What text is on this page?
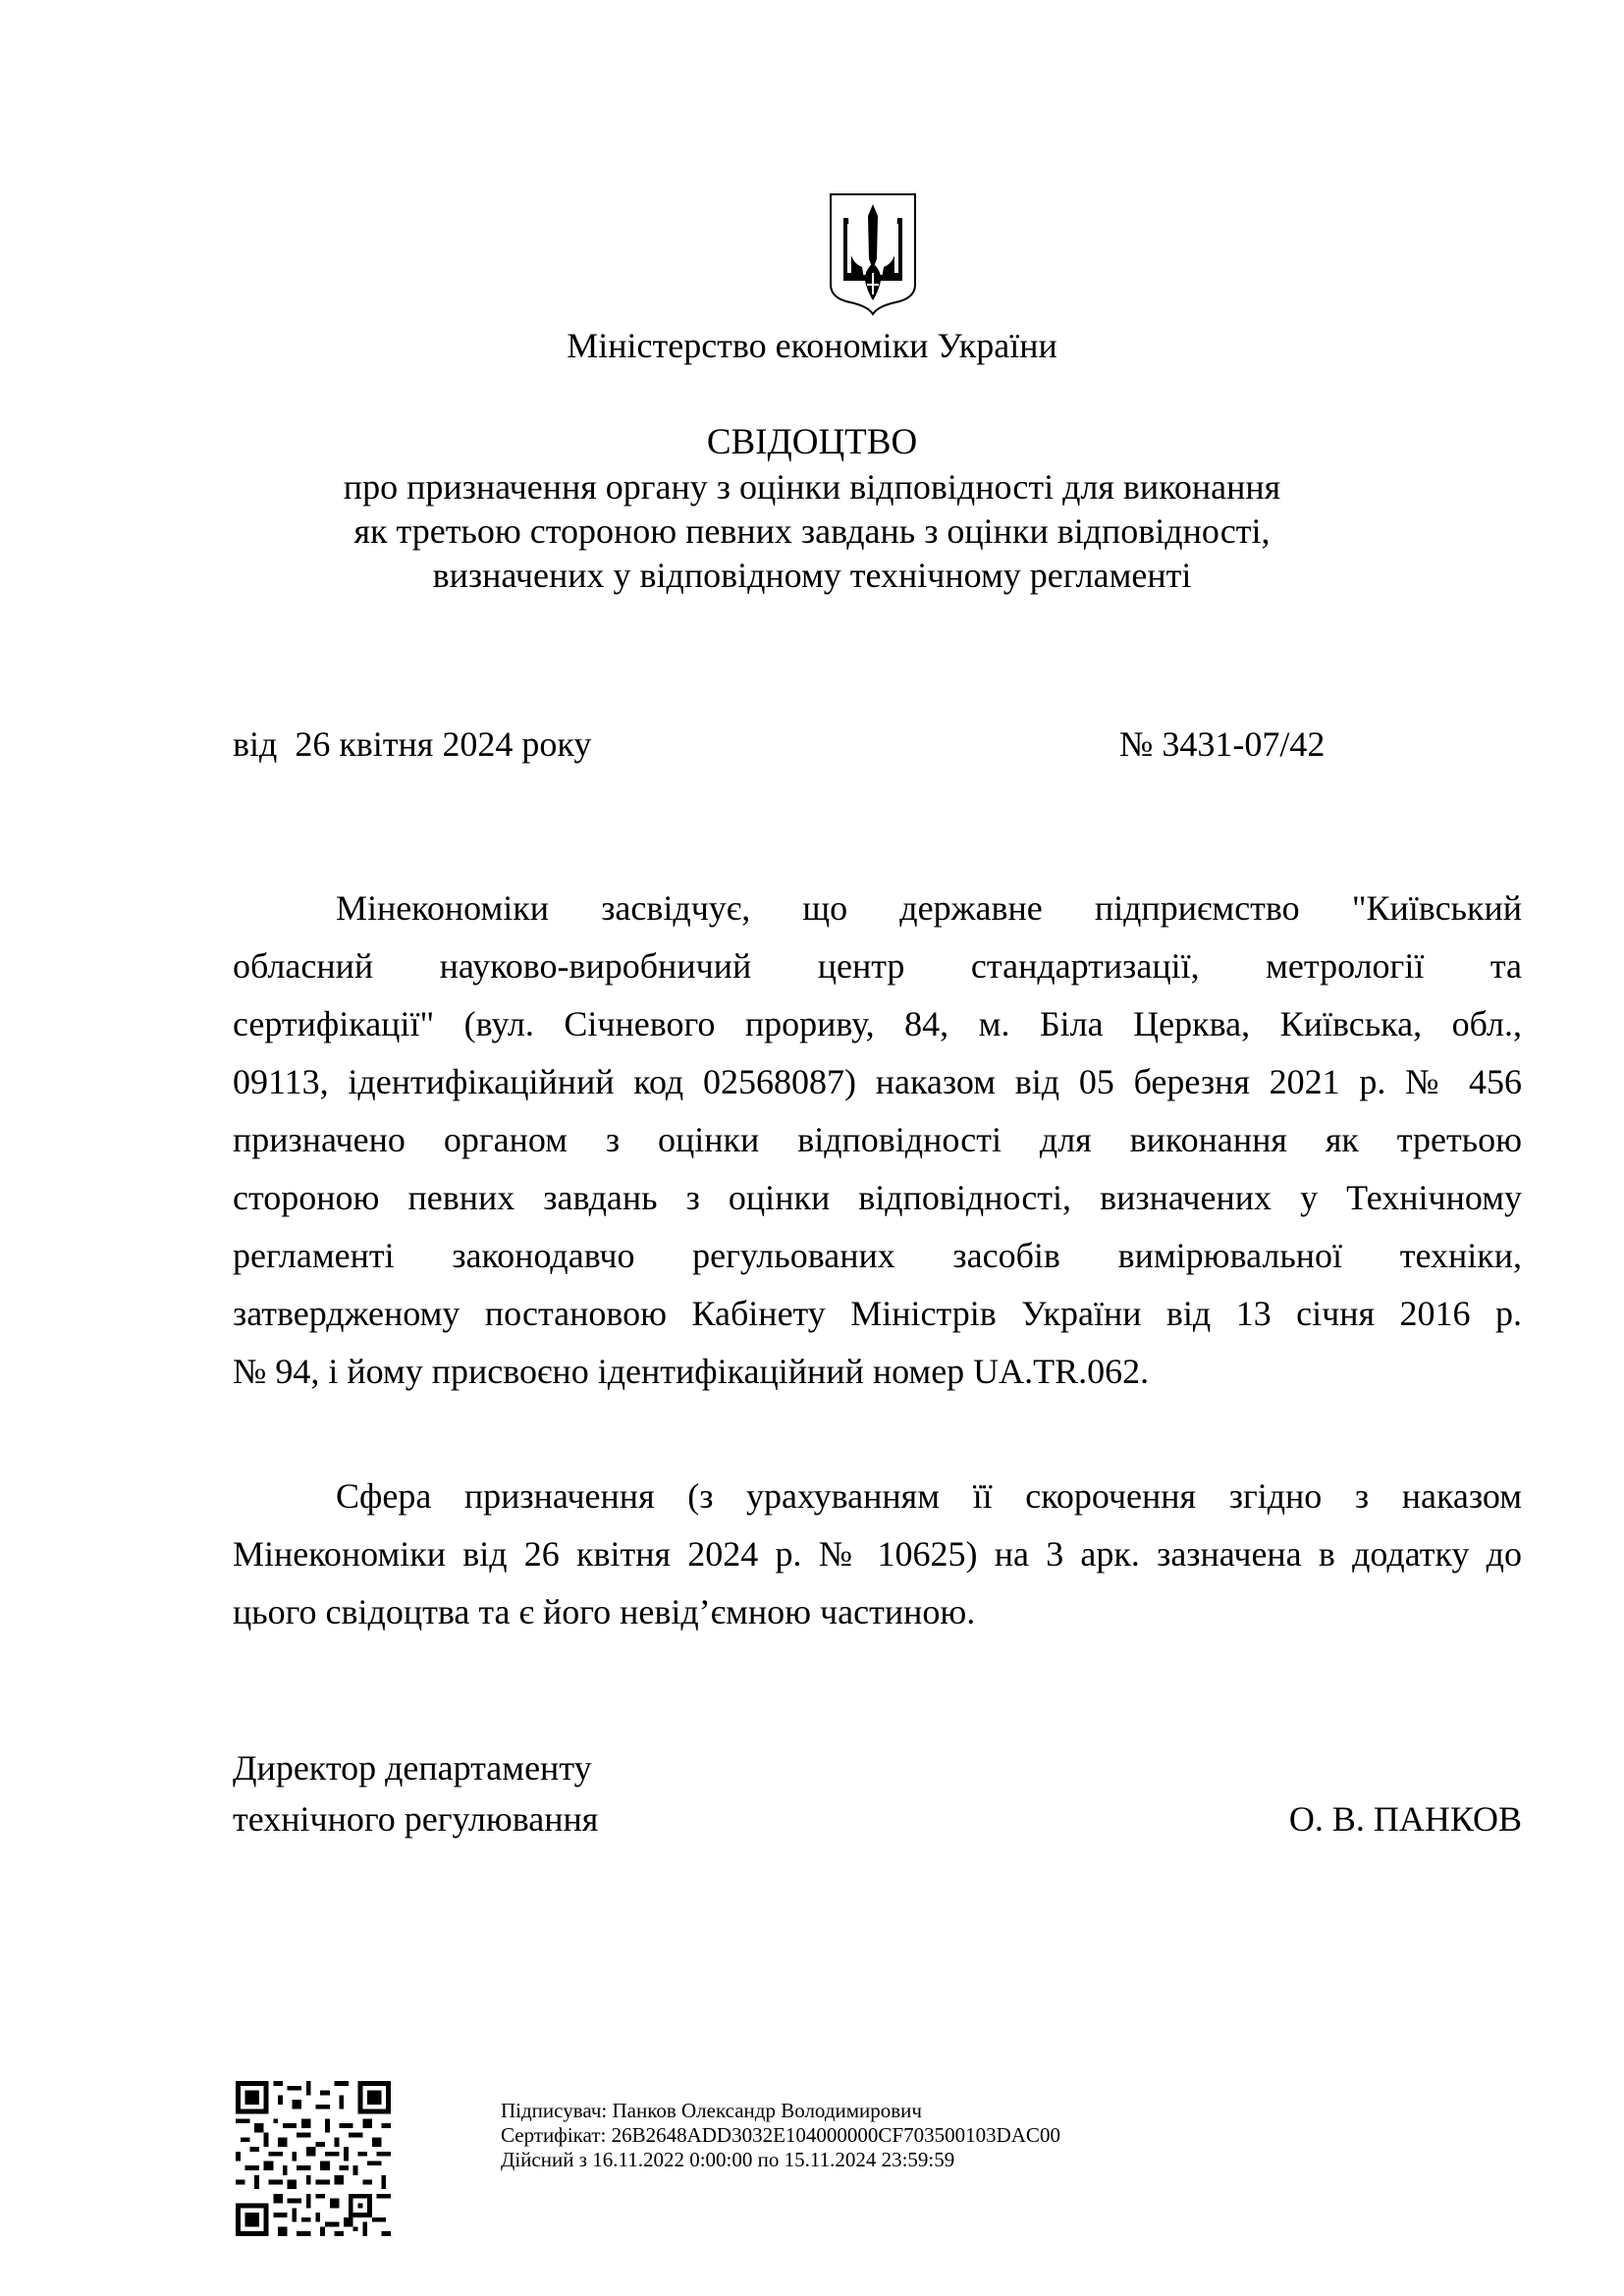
Міністерство економіки України
СВІДОЦТВО
про призначення органу з оцінки відповідності для виконання
як третьою стороною певних завдань з оцінки відповідності,
визначених у відповідному технічному регламенті
від  26 квітня 2024 року	№ 3431-07/42
Мінекономіки засвідчує, що державне підприємство "Київський
обласний науково-виробничий центр стандартизації, метрології та
сертифікації" (вул. Січневого прориву, 84, м. Біла Церква, Київська, обл.,
09113, ідентифікаційний код 02568087) наказом від 05 березня 2021 р. № 456
призначено органом з оцінки відповідності для виконання як третьою
стороною певних завдань з оцінки відповідності, визначених у Технічному
регламенті законодавчо регульованих засобів вимірювальної техніки,
затвердженому постановою Кабінету Міністрів України від 13 січня 2016 р.
№ 94, і йому присвоєно ідентифікаційний номер UA.TR.062.
Сфера призначення (з урахуванням її скорочення згідно з наказом
Мінекономіки від 26 квітня 2024 р. № 10625) на 3 арк. зазначена в додатку до
цього свідоцтва та є його невід’ємною частиною.
Директор департаменту
технічного регулювання	О. В. ПАНКОВ
Підписувач: Панков Олександр Володимирович
Сертифікат: 26B2648ADD3032E104000000CF703500103DAC00
Дійсний з 16.11.2022 0:00:00 по 15.11.2024 23:59:59
